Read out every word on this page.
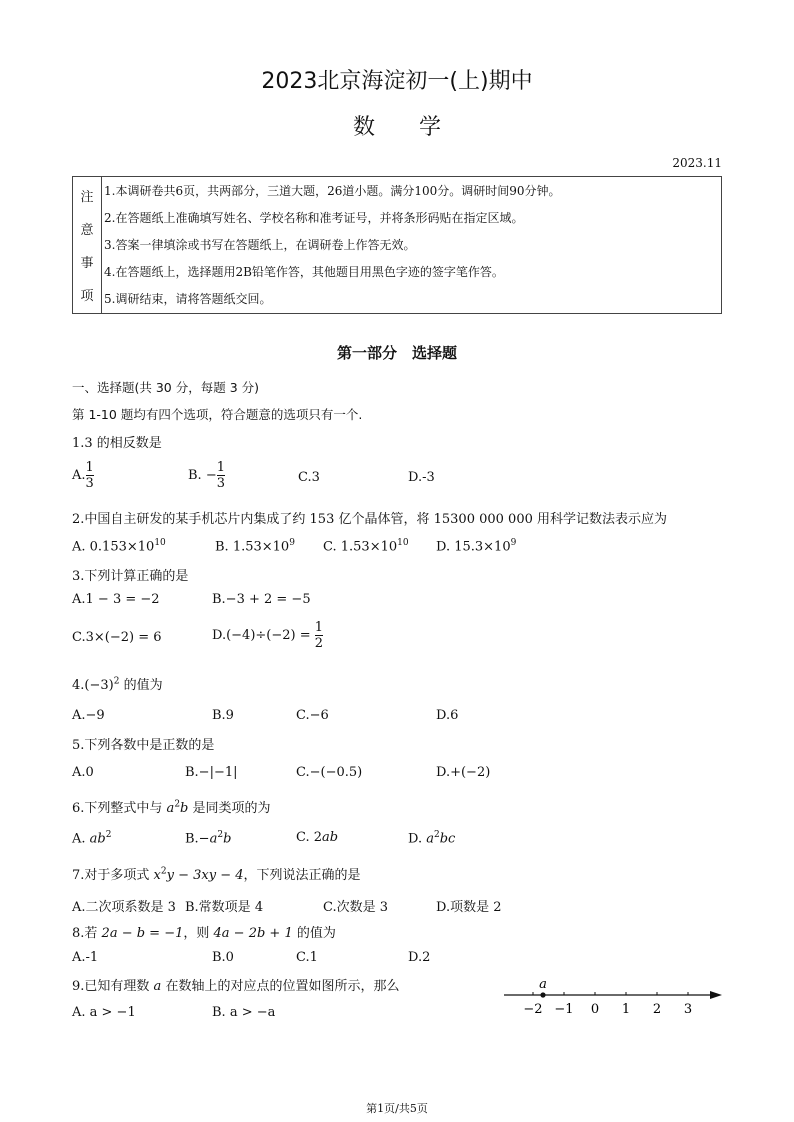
2023北京海淀初一(上)期中
数学
2023.11
注
意
事
项
1.本调研卷共6页，共两部分，三道大题，26道小题。满分100分。调研时间90分钟。
2.在答题纸上准确填写姓名、学校名称和准考证号，并将条形码贴在指定区域。
3.答案一律填涂或书写在答题纸上，在调研卷上作答无效。
4.在答题纸上，选择题用2B铅笔作答，其他题目用黑色字迹的签字笔作答。
5.调研结束，请将答题纸交回。
第一部分　选择题
一、选择题(共 30 分，每题 3 分)
第 1-10 题均有四个选项，符合题意的选项只有一个.
1.3 的相反数是
A. $\frac{1}{3}$	B. − $\frac{1}{3}$	C.3	D.-3
2.中国自主研发的某手机芯片内集成了约 153 亿个晶体管，将 15300 000 000 用科学记数法表示应为
A. $0.153\times 10^{10}$	B. $1.53\times 10^9$ C. $1.53\times 10^{10}$ D. $15.3\times 10^9$
3.下列计算正确的是
A.1 − 3 = −2	B.−3 + 2 = −5
C.3×(−2) = 6	$D.(-4)\div(-2) = \frac{1}{2}$
$4.(-3)^2$ 的值为
A.−9	B.9	C.−6	D.6
5.下列各数中是正数的是
A.0	B.−|−1|	C.−(−0.5)	D.+(−2)
6.下列整式中与 $a^2b$ 是同类项的为
A. $ab^2$	$B.-a^2b$	C. 2ab	D. $a^2bc$
7.对于多项式 $x^2y - 3xy - 4$，下列说法正确的是
A.二次项系数是 3 B.常数项是 4	C.次数是 3	D.项数是 2
8.若 2a − b = −1，则 4a − 2b + 1 的值为
A.-1	B.0	C.1	D.2
9.已知有理数 a 在数轴上的对应点的位置如图所示，那么
A. a > −1	B. a > −a	−2 −1 0 1 2 3
a
第1页/共5页
